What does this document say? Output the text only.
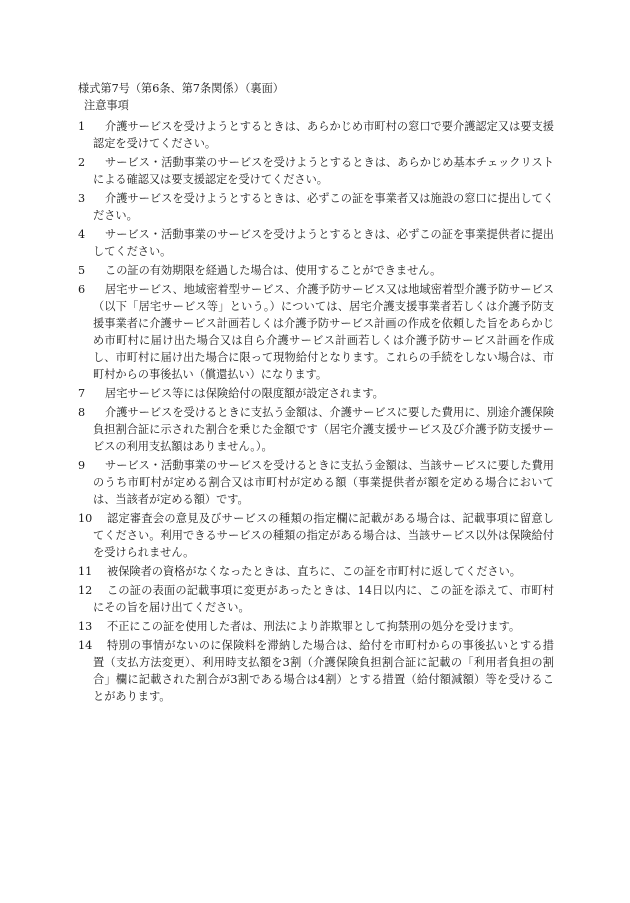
様式第7号（第6条、第7条関係）（裏面）
注意事項
1	介護サービスを受けようとするときは、あらかじめ市町村の窓口で要介護認定又は要支援認定を受けてください。
2	サービス・活動事業のサービスを受けようとするときは、あらかじめ基本チェックリストによる確認又は要支援認定を受けてください。
3	介護サービスを受けようとするときは、必ずこの証を事業者又は施設の窓口に提出してください。
4	サービス・活動事業のサービスを受けようとするときは、必ずこの証を事業提供者に提出してください。
5	この証の有効期限を経過した場合は、使用することができません。
6	居宅サービス、地域密着型サービス、介護予防サービス又は地域密着型介護予防サービス（以下「居宅サービス等」という。）については、居宅介護支援事業者若しくは介護予防支援事業者に介護サービス計画若しくは介護予防サービス計画の作成を依頼した旨をあらかじめ市町村に届け出た場合又は自ら介護サービス計画若しくは介護予防サービス計画を作成し、市町村に届け出た場合に限って現物給付となります。これらの手続をしない場合は、市町村からの事後払い（償還払い）になります。
7	居宅サービス等には保険給付の限度額が設定されます。
8	介護サービスを受けるときに支払う金額は、介護サービスに要した費用に、別途介護保険負担割合証に示された割合を乗じた金額です（居宅介護支援サービス及び介護予防支援サービスの利用支払額はありません。）。
9	サービス・活動事業のサービスを受けるときに支払う金額は、当該サービスに要した費用のうち市町村が定める割合又は市町村が定める額（事業提供者が額を定める場合においては、当該者が定める額）です。
10	認定審査会の意見及びサービスの種類の指定欄に記載がある場合は、記載事項に留意してください。利用できるサービスの種類の指定がある場合は、当該サービス以外は保険給付を受けられません。
11	被保険者の資格がなくなったときは、直ちに、この証を市町村に返してください。
12	この証の表面の記載事項に変更があったときは、14日以内に、この証を添えて、市町村にその旨を届け出てください。
13	不正にこの証を使用した者は、刑法により詐欺罪として拘禁刑の処分を受けます。
14	特別の事情がないのに保険料を滞納した場合は、給付を市町村からの事後払いとする措置（支払方法変更）、利用時支払額を3割（介護保険負担割合証に記載の「利用者負担の割合」欄に記載された割合が3割である場合は4割）とする措置（給付額減額）等を受けることがあります。
